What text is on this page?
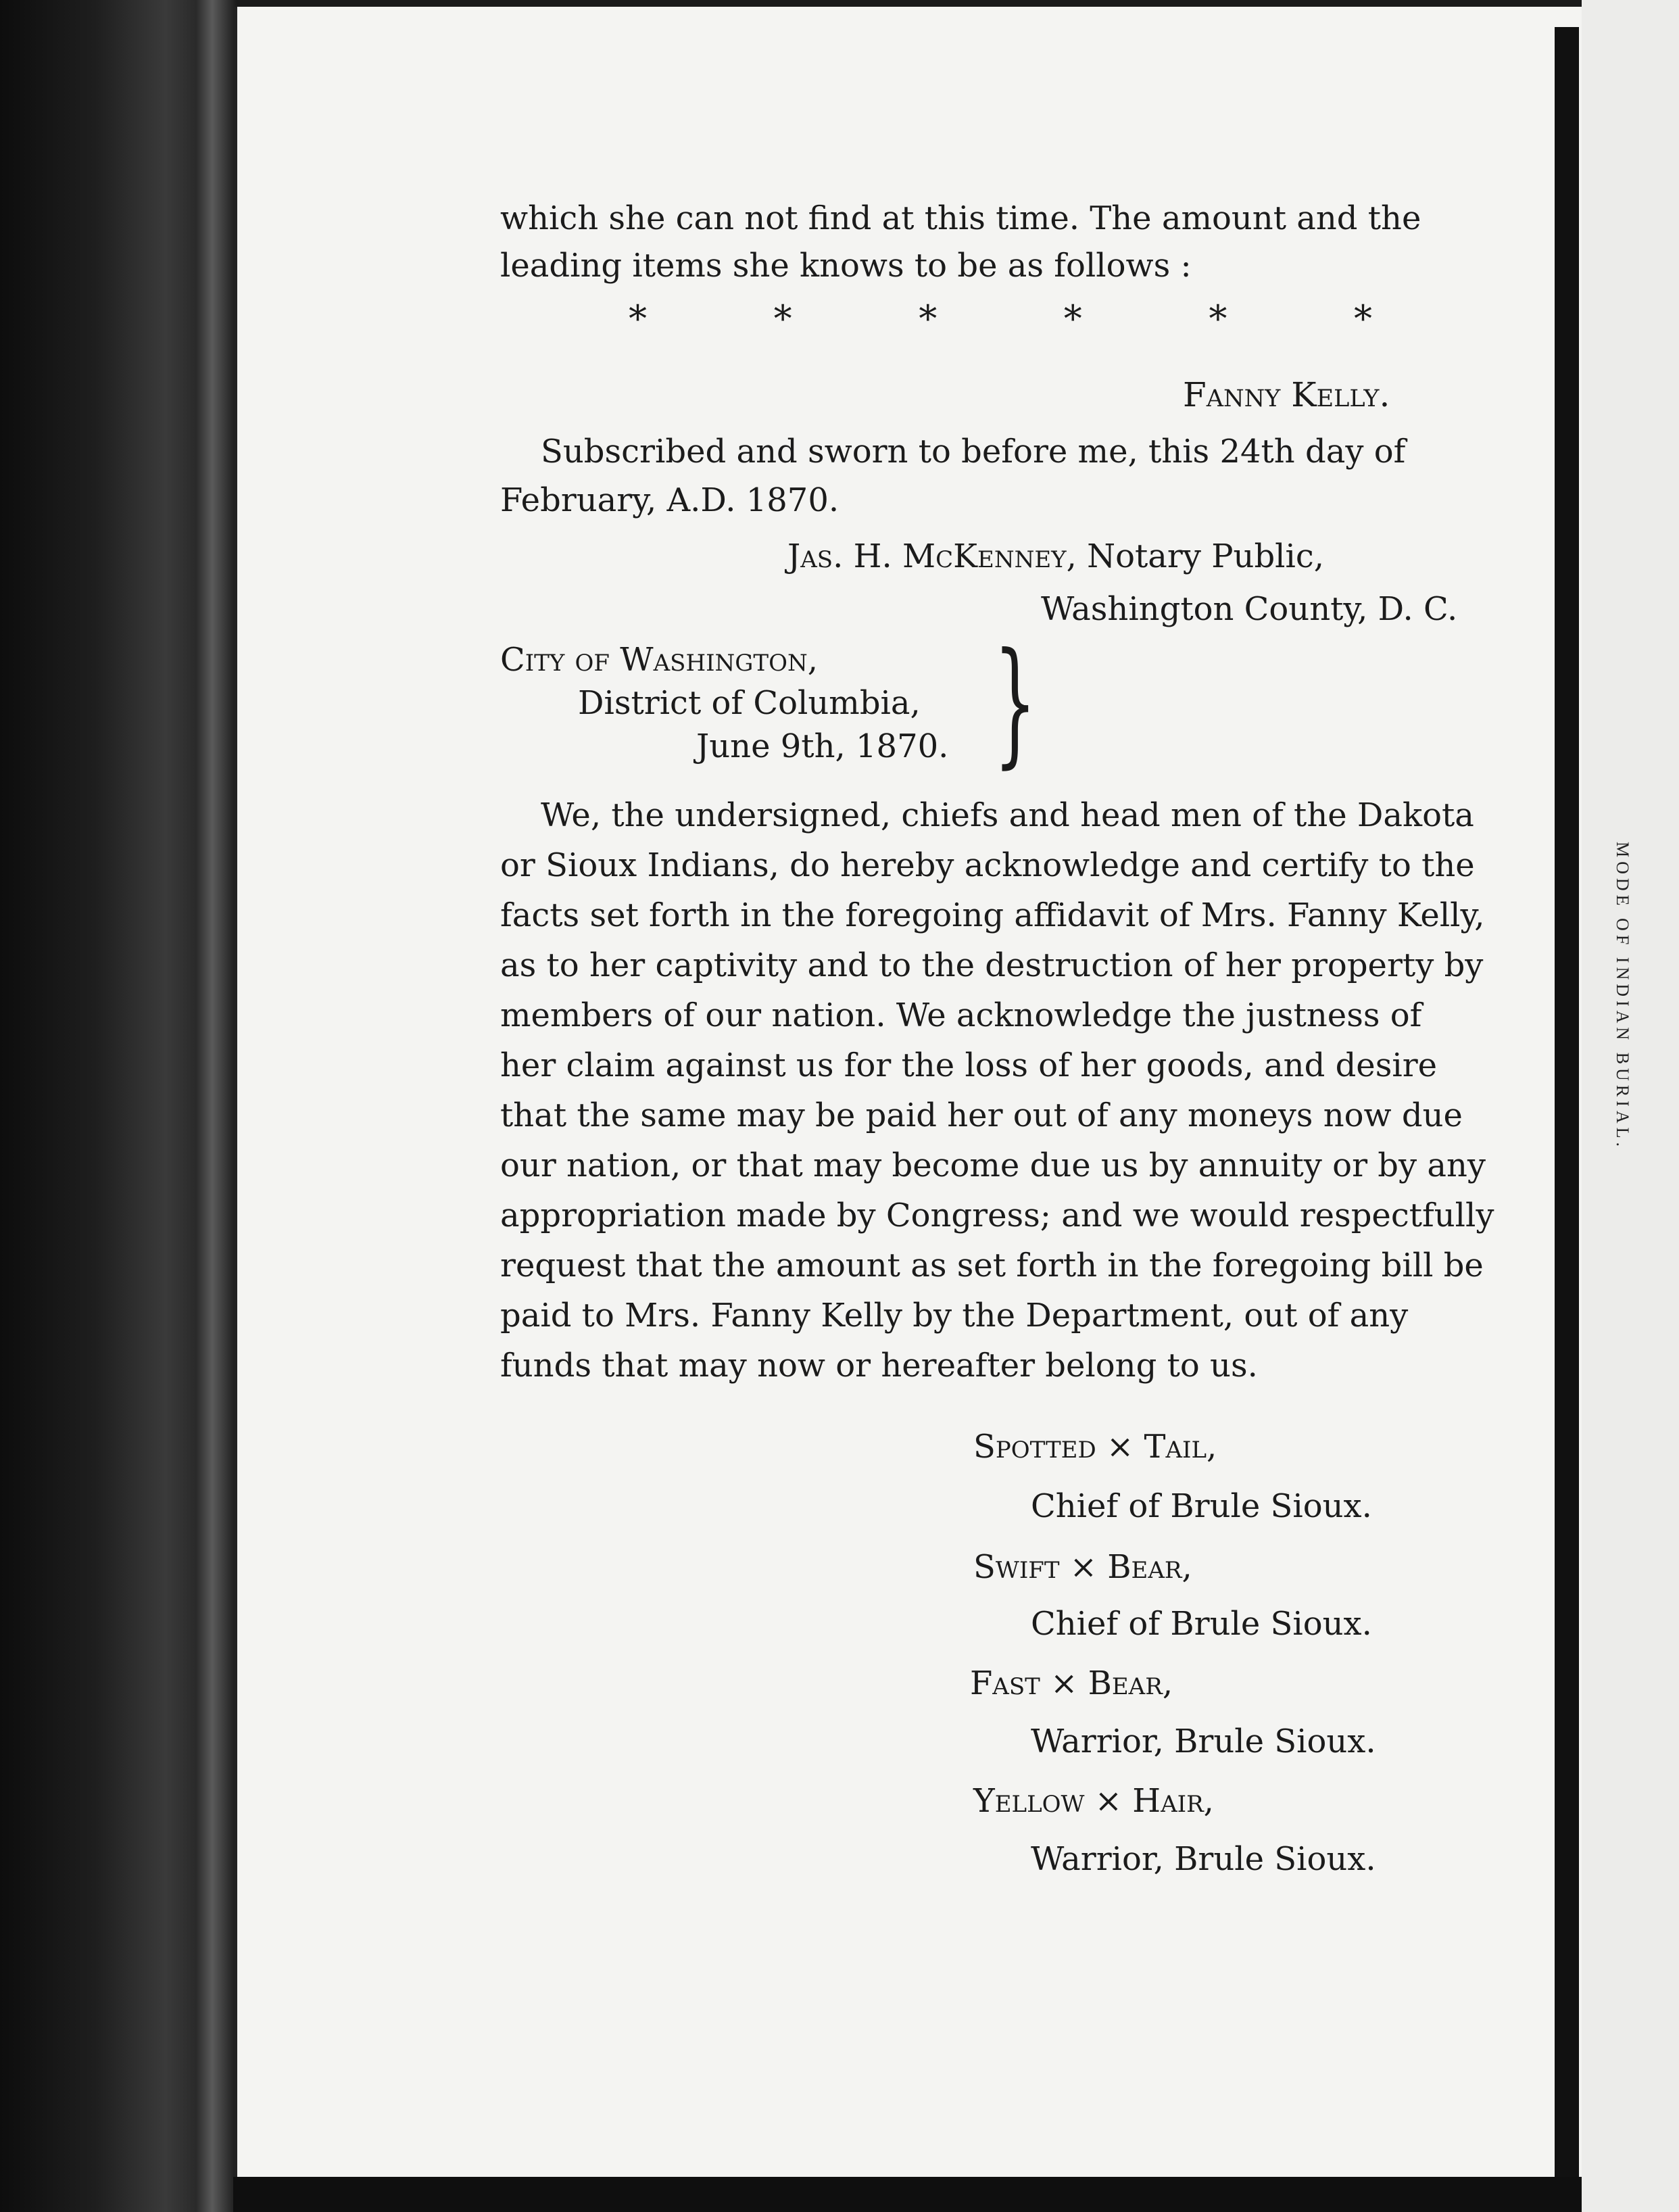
MODE OF INDIAN BURIAL.
which she can not find at this time. The amount and the
leading items she knows to be as follows :
*	*	*	*	*	*
Fanny Kelly.
Subscribed and sworn to before me, this 24th day of
February, A.D. 1870.
Jas. H. McKenney, Notary Public,
Washington County, D. C.
City of Washington,
District of Columbia,
June 9th, 1870. }
We, the undersigned, chiefs and head men of the Dakota
or Sioux Indians, do hereby acknowledge and certify to the
facts set forth in the foregoing affidavit of Mrs. Fanny Kelly,
as to her captivity and to the destruction of her property by
members of our nation. We acknowledge the justness of
her claim against us for the loss of her goods, and desire
that the same may be paid her out of any moneys now due
our nation, or that may become due us by annuity or by any
appropriation made by Congress; and we would respectfully
request that the amount as set forth in the foregoing bill be
paid to Mrs. Fanny Kelly by the Department, out of any
funds that may now or hereafter belong to us.
Spotted × Tail,
Chief of Brule Sioux.
Swift × Bear,
Chief of Brule Sioux.
Fast × Bear,
Warrior, Brule Sioux.
Yellow × Hair,
Warrior, Brule Sioux.
